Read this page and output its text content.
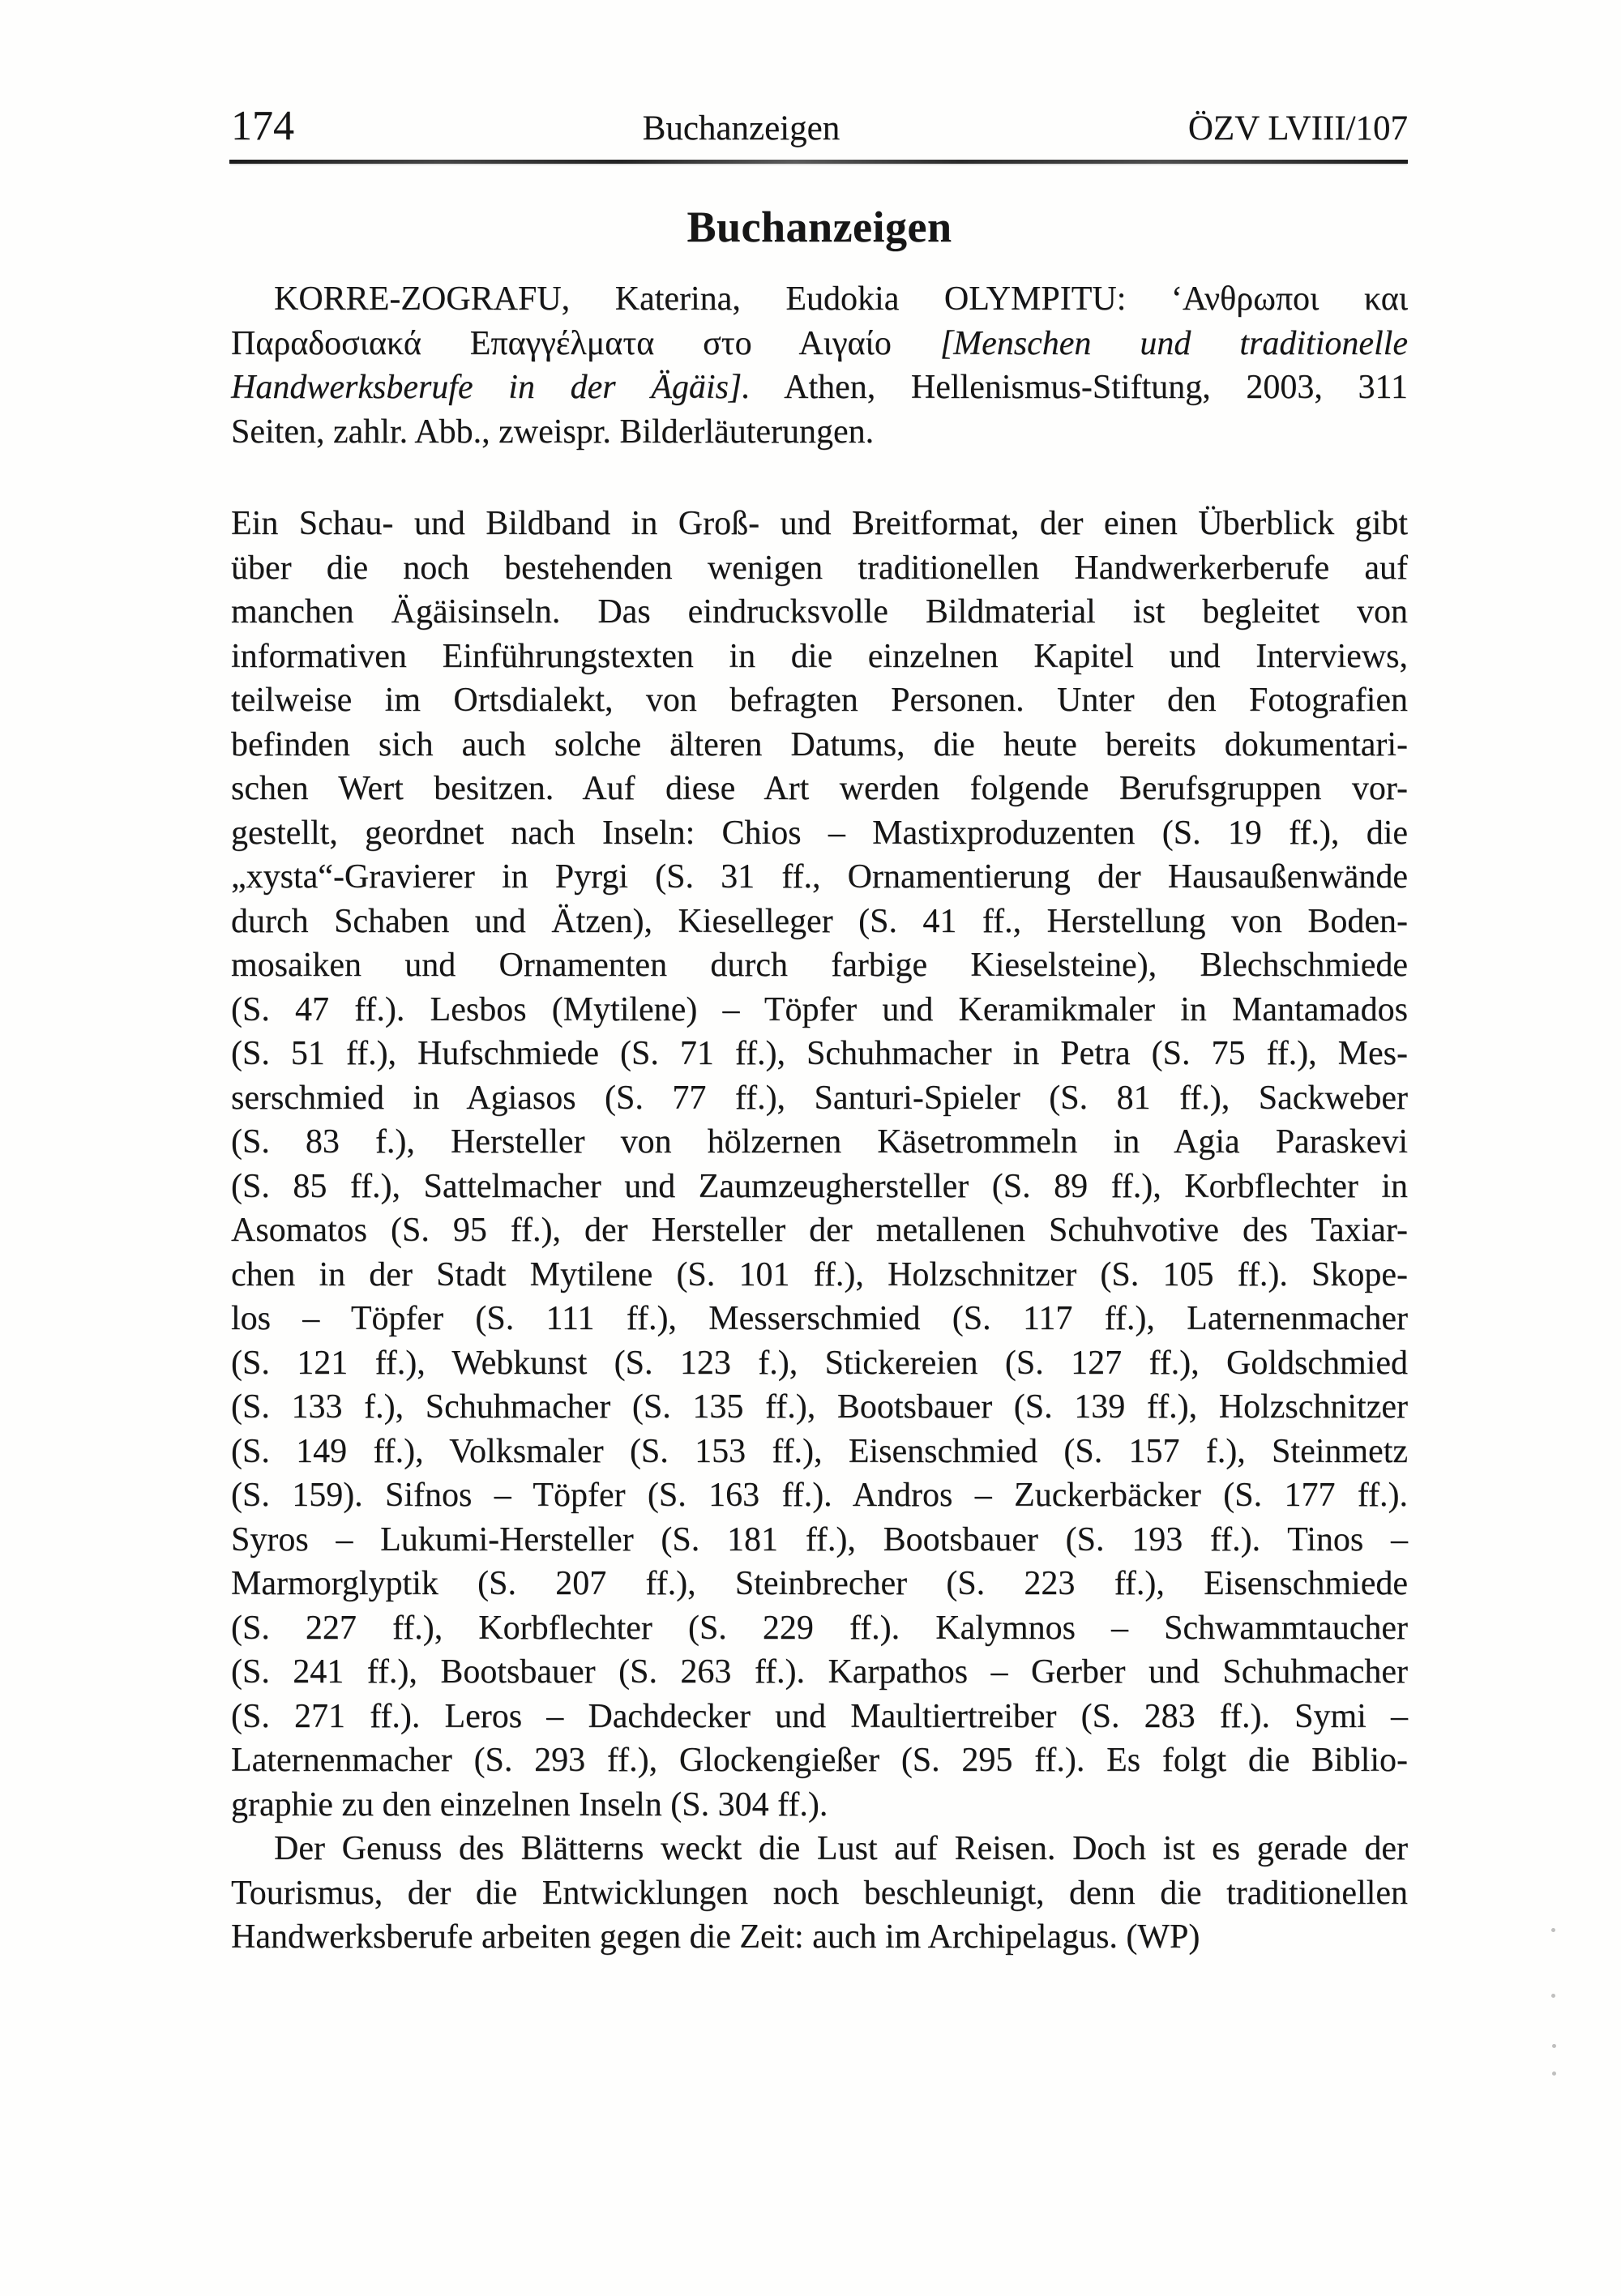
174	Buchanzeigen	ÖZV LVIII/107
Buchanzeigen
KORRE-ZOGRAFU, Katerina, Eudokia OLYMPITU: ‘Ανθρωποι και
Παραδοσιακά Επαγγέλματα στο Αιγαίο [Menschen und traditionelle
Handwerksberufe in der Ägäis]. Athen, Hellenismus-Stiftung, 2003, 311
Seiten, zahlr. Abb., zweispr. Bilderläuterungen.
Ein Schau- und Bildband in Groß- und Breitformat, der einen Überblick gibt
über die noch bestehenden wenigen traditionellen Handwerkerberufe auf
manchen Ägäisinseln. Das eindrucksvolle Bildmaterial ist begleitet von
informativen Einführungstexten in die einzelnen Kapitel und Interviews,
teilweise im Ortsdialekt, von befragten Personen. Unter den Fotografien
befinden sich auch solche älteren Datums, die heute bereits dokumentari-
schen Wert besitzen. Auf diese Art werden folgende Berufsgruppen vor-
gestellt, geordnet nach Inseln: Chios – Mastixproduzenten (S. 19 ff.), die
„xysta“-Gravierer in Pyrgi (S. 31 ff., Ornamentierung der Hausaußenwände
durch Schaben und Ätzen), Kieselleger (S. 41 ff., Herstellung von Boden-
mosaiken und Ornamenten durch farbige Kieselsteine), Blechschmiede
(S. 47 ff.). Lesbos (Mytilene) – Töpfer und Keramikmaler in Mantamados
(S. 51 ff.), Hufschmiede (S. 71 ff.), Schuhmacher in Petra (S. 75 ff.), Mes-
serschmied in Agiasos (S. 77 ff.), Santuri-Spieler (S. 81 ff.), Sackweber
(S. 83 f.), Hersteller von hölzernen Käsetrommeln in Agia Paraskevi
(S. 85 ff.), Sattelmacher und Zaumzeughersteller (S. 89 ff.), Korbflechter in
Asomatos (S. 95 ff.), der Hersteller der metallenen Schuhvotive des Taxiar-
chen in der Stadt Mytilene (S. 101 ff.), Holzschnitzer (S. 105 ff.). Skope-
los – Töpfer (S. 111 ff.), Messerschmied (S. 117 ff.), Laternenmacher
(S. 121 ff.), Webkunst (S. 123 f.), Stickereien (S. 127 ff.), Goldschmied
(S. 133 f.), Schuhmacher (S. 135 ff.), Bootsbauer (S. 139 ff.), Holzschnitzer
(S. 149 ff.), Volksmaler (S. 153 ff.), Eisenschmied (S. 157 f.), Steinmetz
(S. 159). Sifnos – Töpfer (S. 163 ff.). Andros – Zuckerbäcker (S. 177 ff.).
Syros – Lukumi-Hersteller (S. 181 ff.), Bootsbauer (S. 193 ff.). Tinos –
Marmorglyptik (S. 207 ff.), Steinbrecher (S. 223 ff.), Eisenschmiede
(S. 227 ff.), Korbflechter (S. 229 ff.). Kalymnos – Schwammtaucher
(S. 241 ff.), Bootsbauer (S. 263 ff.). Karpathos – Gerber und Schuhmacher
(S. 271 ff.). Leros – Dachdecker und Maultiertreiber (S. 283 ff.). Symi –
Laternenmacher (S. 293 ff.), Glockengießer (S. 295 ff.). Es folgt die Biblio-
graphie zu den einzelnen Inseln (S. 304 ff.).
Der Genuss des Blätterns weckt die Lust auf Reisen. Doch ist es gerade der
Tourismus, der die Entwicklungen noch beschleunigt, denn die traditionellen
Handwerksberufe arbeiten gegen die Zeit: auch im Archipelagus. (WP)
